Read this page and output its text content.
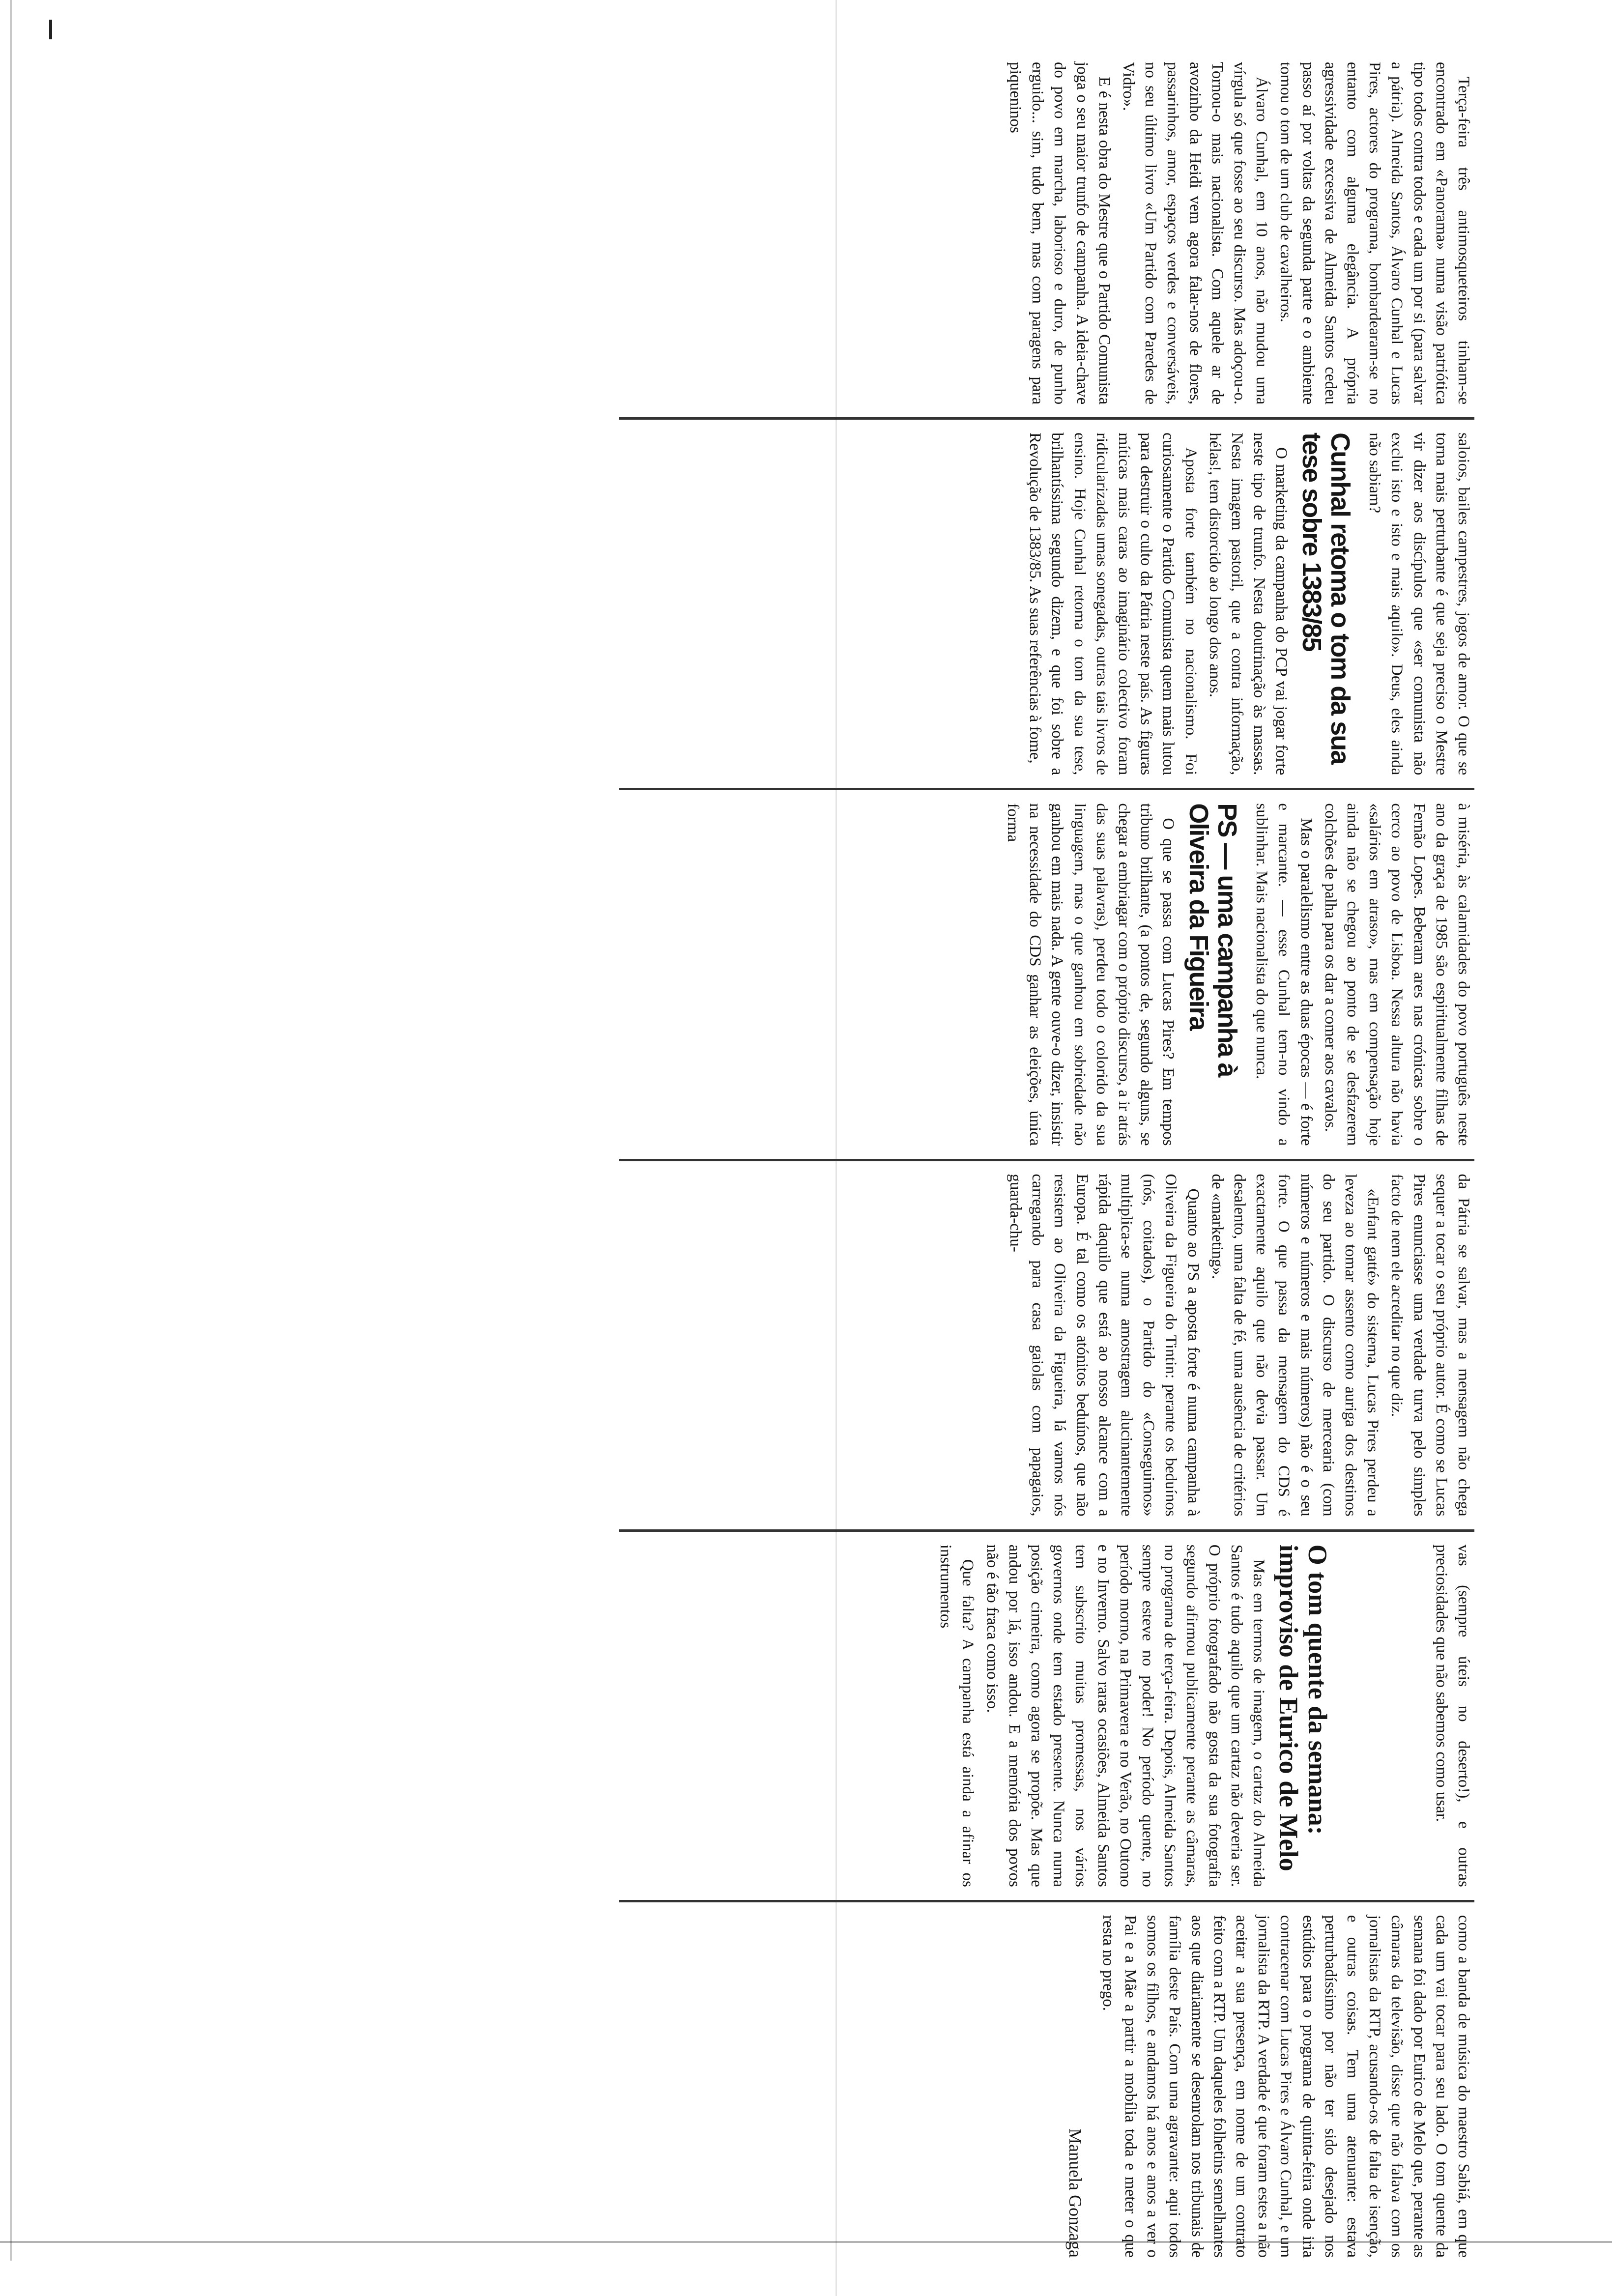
Terça-feira três antimosqueteiros tinham-se encontrado em «Panorama» numa visão patriótica tipo todos contra todos e cada um por si (para salvar a pátria). Almeida Santos, Álvaro Cunhal e Lucas Pires, actores do programa, bombardearam-se no entanto com alguma elegância. A própria agressividade excessiva de Almeida Santos cedeu passo aí por voltas da segunda parte e o ambiente tomou o tom de um club de cavalheiros.

Álvaro Cunhal, em 10 anos, não mudou uma vírgula só que fosse ao seu discurso. Mas adoçou-o. Tornou-o mais nacionalista. Com aquele ar de avozinho da Heidi vem agora falar-nos de flores, passarinhos, amor, espaços verdes e conversáveis, no seu último livro «Um Partido com Paredes de Vidro».

E é nesta obra do Mestre que o Partido Comunista joga o seu maior trunfo de campanha. A ideia-chave do povo em marcha, laborioso e duro, de punho erguido... sim, tudo bem, mas com paragens para piqueninos

saloios, bailes campestres, jogos de amor. O que se torna mais perturbante é que seja preciso o Mestre vir dizer aos discípulos que «ser comunista não exclui isto e isto e mais aquilo». Deus, eles ainda não sabiam?

Cunhal retoma o tom da sua tese sobre 1383/85

O marketing da campanha do PCP vai jogar forte neste tipo de trunfo. Nesta doutrinação às massas. Nesta imagem pastoril, que a contra informação, hélas!, tem distorcido ao longo dos anos.

Aposta forte também no nacionalismo. Foi curiosamente o Partido Comunista quem mais lutou para destruir o culto da Pátria neste país. As figuras míticas mais caras ao imaginário colectivo foram ridicularizadas umas sonegadas, outras tais livros de ensino. Hoje Cunhal retoma o tom da sua tese, brilhantíssima segundo dizem, e que foi sobre a Revolução de 1383/85. As suas referências à fome,

à miséria, às calamidades do povo português neste ano da graça de 1985 são espiritualmente filhas de Fernão Lopes. Beberam ares nas crónicas sobre o cerco ao povo de Lisboa. Nessa altura não havia «salários em atraso», mas em compensação hoje ainda não se chegou ao ponto de se desfazerem colchões de palha para os dar a comer aos cavalos.

Mas o paralelismo entre as duas épocas — é forte e marcante. — esse Cunhal tem-no vindo a sublinhar. Mais nacionalista do que nunca.

PS — uma campanha à Oliveira da Figueira

O que se passa com Lucas Pires? Em tempos tribuno brilhante, (a pontos de, segundo alguns, se chegar a embriagar com o próprio discurso, a ir atrás das suas palavras), perdeu todo o colorido da sua linguagem, mas o que ganhou em sobriedade não ganhou em mais nada. A gente ouve-o dizer, insistir na necessidade do CDS ganhar as eleições, única forma

da Pátria se salvar, mas a mensagem não chega sequer a tocar o seu próprio autor. É como se Lucas Pires enunciasse uma verdade turva pelo simples facto de nem ele acreditar no que diz.

«Enfant gatté» do sistema, Lucas Pires perdeu a leveza ao tomar assento como auriga dos destinos do seu partido. O discurso de mercearia (com números e números e mais números) não é o seu forte. O que passa da mensagem do CDS é exactamente aquilo que não devia passar. Um desalento, uma falta de fé, uma ausência de critérios de «marketing».

Quanto ao PS a aposta forte é numa campanha à Oliveira da Figueira do Tintin: perante os beduínos (nós, coitados), o Partido do «Conseguimos» multiplica-se numa amostragem alucinantemente rápida daquilo que está ao nosso alcance com a Europa. É tal como os atónitos beduínos, que não resistem ao Oliveira da Figueira, lá vamos nós carregando para casa gaiolas com papagaios, guarda-chu-

vas (sempre úteis no deserto!), e outras preciosidades que não sabemos como usar.

O tom quente da semana: improviso de Eurico de Melo

Mas em termos de imagem, o cartaz do Almeida Santos é tudo aquilo que um cartaz não deveria ser. O próprio fotografado não gosta da sua fotografia segundo afirmou publicamente perante as câmaras, no programa de terça-feira. Depois, Almeida Santos sempre esteve no poder! No período quente, no período morno, na Primavera e no Verão, no Outono e no Inverno. Salvo raras ocasiões, Almeida Santos tem subscrito muitas promessas, nos vários governos onde tem estado presente. Nunca numa posição cimeira, como agora se propõe. Mas que andou por lá, isso andou. E a memória dos povos não é tão fraca como isso.

Que falta? A campanha está ainda a afinar os instrumentos

como a banda de música do maestro Sabiá, em que cada um vai tocar para seu lado. O tom quente da semana foi dado por Eurico de Melo que, perante as câmaras da televisão, disse que não falava com os jornalistas da RTP, acusando-os de falta de isenção, e outras coisas. Tem uma atenuante: estava perturbadíssimo por não ter sido desejado nos estúdios para o programa de quinta-feira onde iria contracenar com Lucas Pires e Álvaro Cunhal, e um jornalista da RTP. A verdade é que foram estes a não aceitar a sua presença, em nome de um contrato feito com a RTP. Um daqueles folhetins semelhantes aos que diariamente se desenrolam nos tribunais de família deste País. Com uma agravante: aqui todos somos os filhos, e andamos há anos e anos a ver o Pai e a Mãe a partir a mobília toda e meter o que resta no prego.

Manuela Gonzaga
